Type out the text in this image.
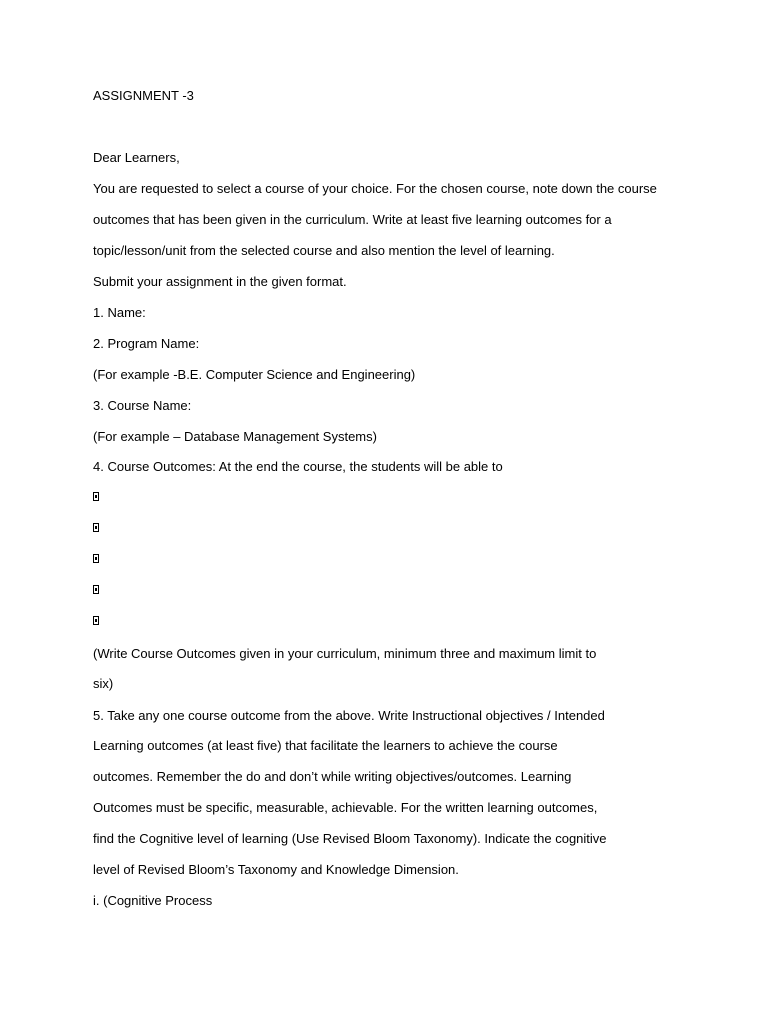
ASSIGNMENT -3
Dear Learners,
You are requested to select a course of your choice. For the chosen course, note down the course
outcomes that has been given in the curriculum. Write at least five learning outcomes for a
topic/lesson/unit from the selected course and also mention the level of learning.
Submit your assignment in the given format.
1. Name:
2. Program Name:
(For example -B.E. Computer Science and Engineering)
3. Course Name:
(For example – Database Management Systems)
4. Course Outcomes: At the end the course, the students will be able to
(Write Course Outcomes given in your curriculum, minimum three and maximum limit to
six)
5. Take any one course outcome from the above. Write Instructional objectives / Intended
Learning outcomes (at least five) that facilitate the learners to achieve the course
outcomes. Remember the do and don’t while writing objectives/outcomes. Learning
Outcomes must be specific, measurable, achievable. For the written learning outcomes,
find the Cognitive level of learning (Use Revised Bloom Taxonomy). Indicate the cognitive
level of Revised Bloom’s Taxonomy and Knowledge Dimension.
i. (Cognitive Process
